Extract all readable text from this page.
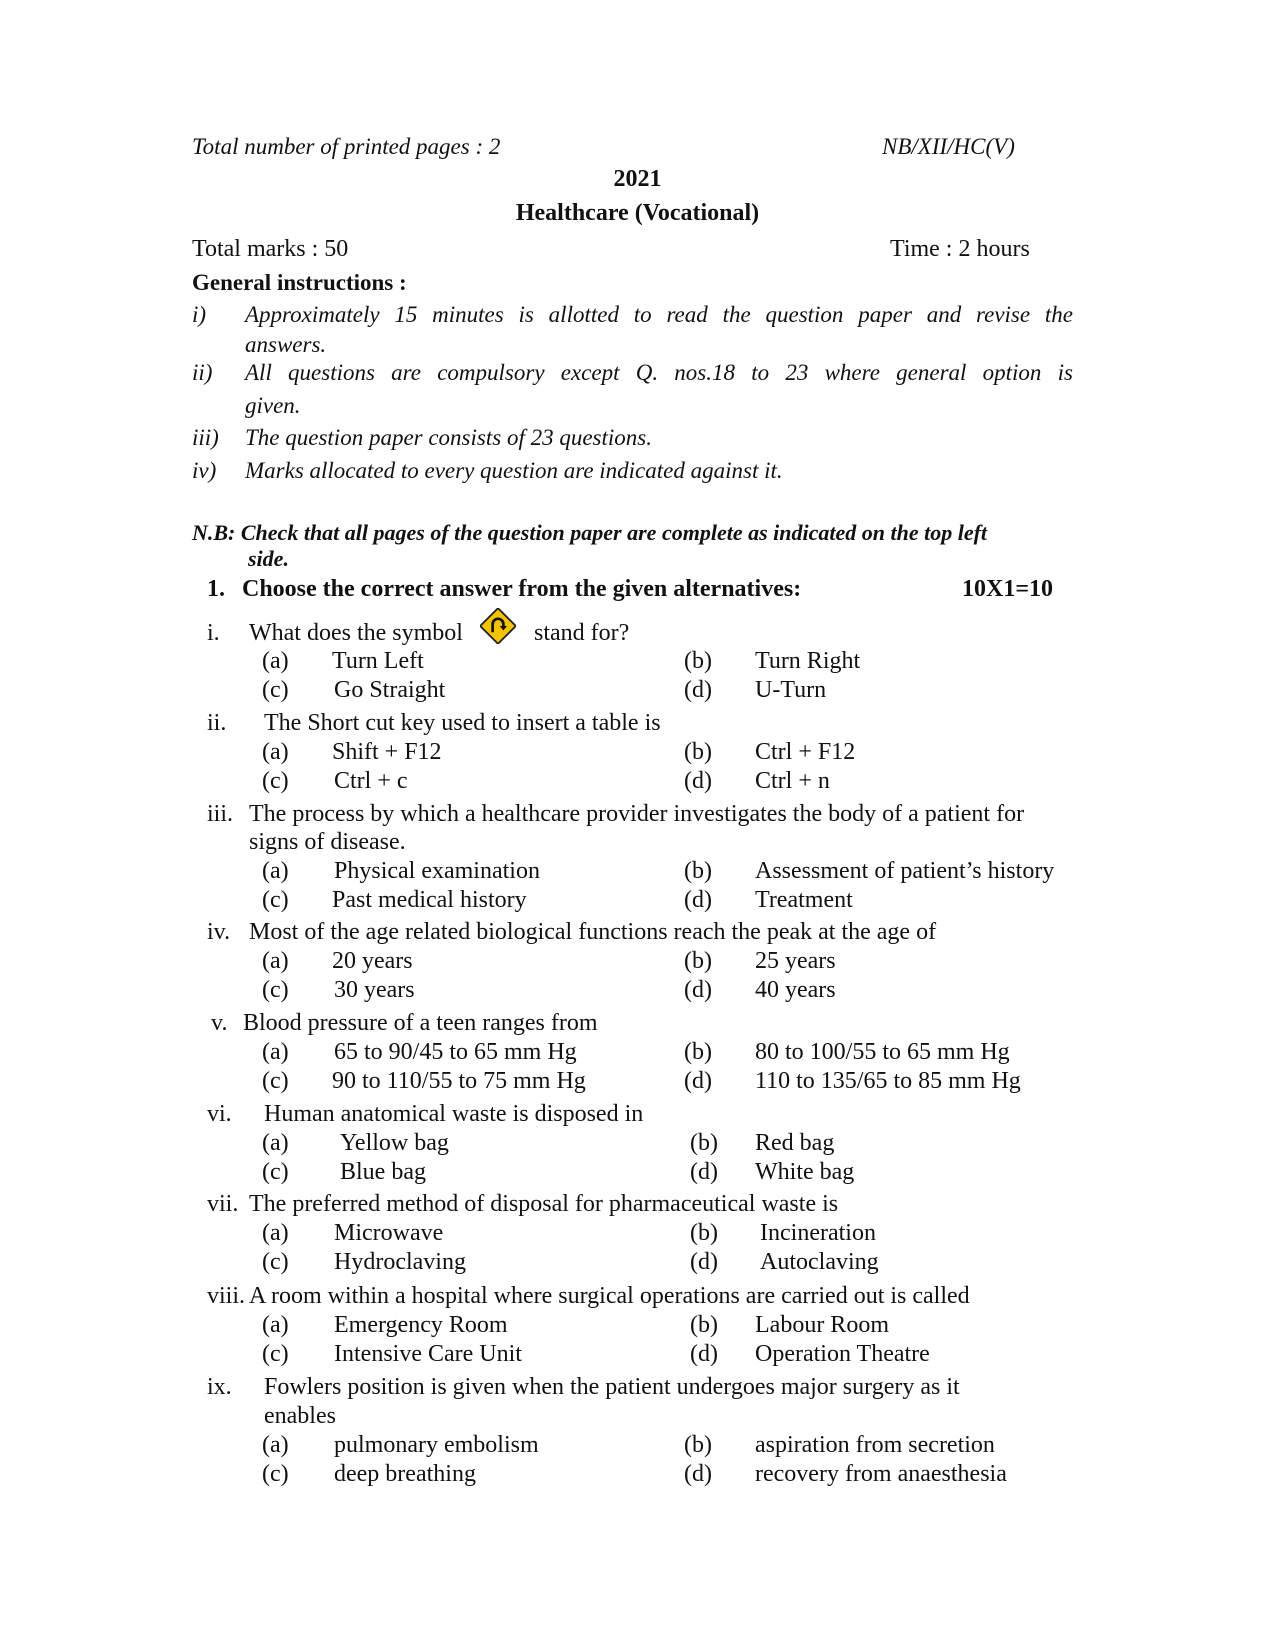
Total number of printed pages : 2	NB/XII/HC(V)
2021
Healthcare (Vocational)
Total marks : 50	Time : 2 hours
General instructions :
i) Approximately 15 minutes is allotted to read the question paper and revise the
answers.
ii) All questions are compulsory except Q. nos.18 to 23 where general option is
given.
iii) The question paper consists of 23 questions.
iv) Marks allocated to every question are indicated against it.
N.B: Check that all pages of the question paper are complete as indicated on the top left
side.
1. Choose the correct answer from the given alternatives:	10X1=10
i. What does the symbol	stand for?
(a) Turn Left	(b) Turn Right
(c) Go Straight	(d) U-Turn
ii. The Short cut key used to insert a table is
(a) Shift + F12	(b) Ctrl + F12
(c) Ctrl + c	(d) Ctrl + n
iii. The process by which a healthcare provider investigates the body of a patient for
signs of disease.
(a) Physical examination	(b) Assessment of patient’s history
(c) Past medical history	(d) Treatment
iv. Most of the age related biological functions reach the peak at the age of
(a) 20 years	(b) 25 years
(c) 30 years	(d) 40 years
v. Blood pressure of a teen ranges from
(a) 65 to 90/45 to 65 mm Hg	(b) 80 to 100/55 to 65 mm Hg
(c) 90 to 110/55 to 75 mm Hg	(d) 110 to 135/65 to 85 mm Hg
vi. Human anatomical waste is disposed in
(a) Yellow bag	(b) Red bag
(c) Blue bag	(d) White bag
vii. The preferred method of disposal for pharmaceutical waste is
(a) Microwave	(b) Incineration
(c) Hydroclaving	(d) Autoclaving
viii. A room within a hospital where surgical operations are carried out is called
(a) Emergency Room	(b) Labour Room
(c) Intensive Care Unit	(d) Operation Theatre
ix. Fowlers position is given when the patient undergoes major surgery as it
enables
(a) pulmonary embolism	(b) aspiration from secretion
(c) deep breathing	(d) recovery from anaesthesia
